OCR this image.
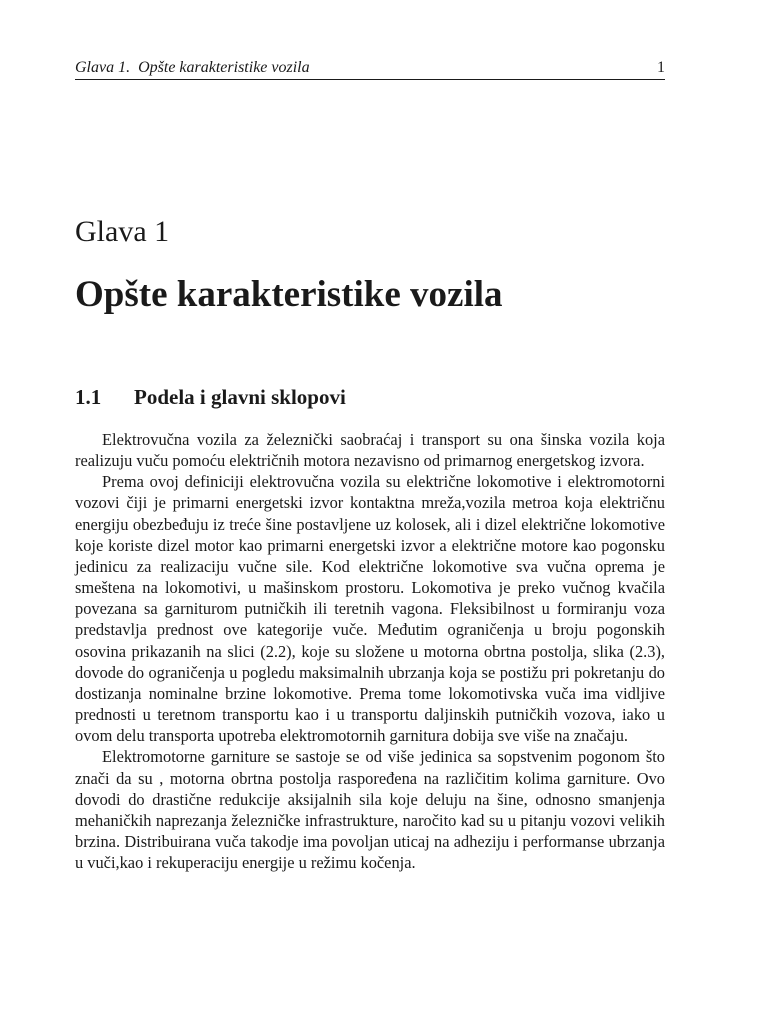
Glava 1.  Opšte karakteristike vozila	1
Glava 1
Opšte karakteristike vozila
1.1 Podela i glavni sklopovi

Elektrovučna vozila za železnički saobraćaj i transport su ona šinska vozila koja realizuju vuču pomoću električnih motora nezavisno od primarnog energetskog izvora.

Prema ovoj definiciji elektrovučna vozila su električne lokomotive i elektromotorni vozovi čiji je primarni energetski izvor kontaktna mreža,vozila metroa koja električnu energiju obezbeđuju iz treće šine postavljene uz kolosek, ali i dizel električne lokomotive koje koriste dizel motor kao primarni energetski izvor a električne motore kao pogonsku jedinicu za realizaciju vučne sile. Kod električne lokomotive sva vučna oprema je smeštena na lokomotivi, u mašinskom prostoru. Lokomotiva je preko vučnog kvačila povezana sa garniturom putničkih ili teretnih vagona. Fleksibilnost u formiranju voza predstavlja prednost ove kategorije vuče. Međutim ograničenja u broju pogonskih osovina prikazanih na slici (2.2), koje su složene u motorna obrtna postolja, slika (2.3), dovode do ograničenja u pogledu maksimalnih ubrzanja koja se postižu pri pokretanju do dostizanja nominalne brzine lokomotive. Prema tome lokomotivska vuča ima vidljive prednosti u teretnom transportu kao i u transportu daljinskih putničkih vozova, iako u ovom delu transporta upotreba elektromotornih garnitura dobija sve više na značaju.

Elektromotorne garniture se sastoje se od više jedinica sa sopstvenim pogonom što znači da su , motorna obrtna postolja raspoređena na različitim kolima garniture. Ovo dovodi do drastične redukcije aksijalnih sila koje deluju na šine, odnosno smanjenja mehaničkih naprezanja železničke infrastrukture, naročito kad su u pitanju vozovi velikih brzina. Distribuirana vuča takodje ima povoljan uticaj na adheziju i performanse ubrzanja u vuči,kao i rekuperaciju energije u režimu kočenja.
